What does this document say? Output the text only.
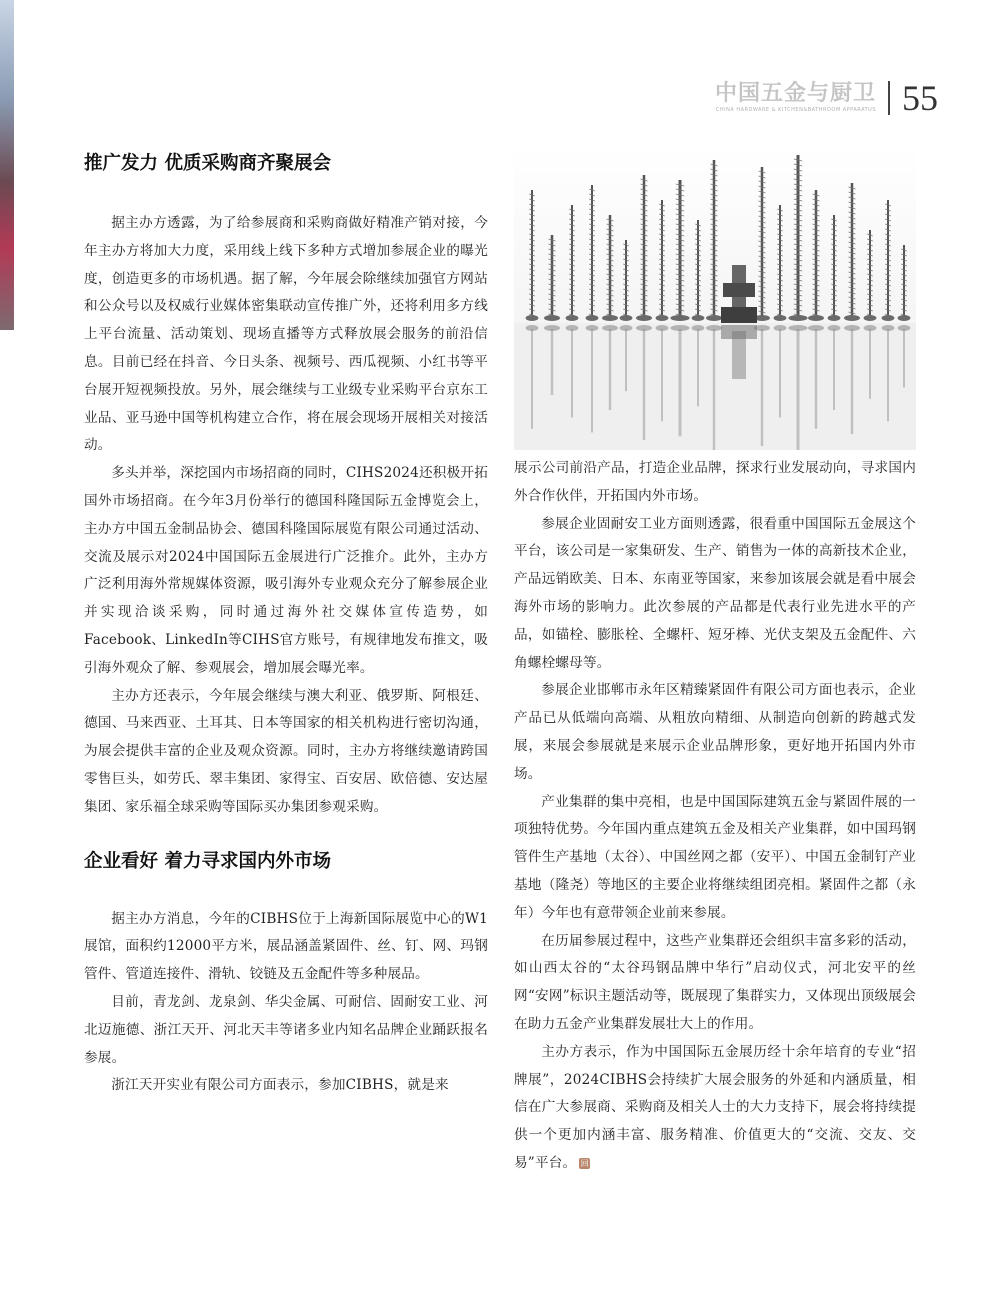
中国五金与厨卫
CHINA HARDWARE & KITCHEN&BATHROOM APPARATUS 55
推广发力 优质采购商齐聚展会

据主办方透露，为了给参展商和采购商做好精准产销对接，今年主办方将加大力度，采用线上线下多种方式增加参展企业的曝光度，创造更多的市场机遇。据了解，今年展会除继续加强官方网站和公众号以及权威行业媒体密集联动宣传推广外，还将利用多方线上平台流量、活动策划、现场直播等方式释放展会服务的前沿信息。目前已经在抖音、今日头条、视频号、西瓜视频、小红书等平台展开短视频投放。另外，展会继续与工业级专业采购平台京东工业品、亚马逊中国等机构建立合作，将在展会现场开展相关对接活动。

多头并举，深挖国内市场招商的同时，CIHS2024还积极开拓国外市场招商。在今年3月份举行的德国科隆国际五金博览会上，主办方中国五金制品协会、德国科隆国际展览有限公司通过活动、交流及展示对2024中国国际五金展进行广泛推介。此外，主办方广泛利用海外常规媒体资源，吸引海外专业观众充分了解参展企业并实现洽谈采购，同时通过海外社交媒体宣传造势，如Facebook、LinkedIn等CIHS官方账号，有规律地发布推文，吸引海外观众了解、参观展会，增加展会曝光率。

主办方还表示，今年展会继续与澳大利亚、俄罗斯、阿根廷、德国、马来西亚、土耳其、日本等国家的相关机构进行密切沟通，为展会提供丰富的企业及观众资源。同时，主办方将继续邀请跨国零售巨头，如劳氏、翠丰集团、家得宝、百安居、欧倍德、安达屋集团、家乐福全球采购等国际买办集团参观采购。

企业看好 着力寻求国内外市场

据主办方消息，今年的CIBHS位于上海新国际展览中心的W1展馆，面积约12000平方米，展品涵盖紧固件、丝、钉、网、玛钢管件、管道连接件、滑轨、铰链及五金配件等多种展品。

目前，青龙剑、龙泉剑、华尖金属、可耐信、固耐安工业、河北迈施德、浙江天开、河北天丰等诸多业内知名品牌企业踊跃报名参展。

浙江天开实业有限公司方面表示，参加CIBHS，就是来

展示公司前沿产品，打造企业品牌，探求行业发展动向，寻求国内外合作伙伴，开拓国内外市场。

参展企业固耐安工业方面则透露，很看重中国国际五金展这个平台，该公司是一家集研发、生产、销售为一体的高新技术企业，产品远销欧美、日本、东南亚等国家，来参加该展会就是看中展会海外市场的影响力。此次参展的产品都是代表行业先进水平的产品，如锚栓、膨胀栓、全螺杆、短牙棒、光伏支架及五金配件、六角螺栓螺母等。

参展企业邯郸市永年区精臻紧固件有限公司方面也表示，企业产品已从低端向高端、从粗放向精细、从制造向创新的跨越式发展，来展会参展就是来展示企业品牌形象，更好地开拓国内外市场。

产业集群的集中亮相，也是中国国际建筑五金与紧固件展的一项独特优势。今年国内重点建筑五金及相关产业集群，如中国玛钢管件生产基地（太谷）、中国丝网之都（安平）、中国五金制钉产业基地（隆尧）等地区的主要企业将继续组团亮相。紧固件之都（永年）今年也有意带领企业前来参展。

在历届参展过程中，这些产业集群还会组织丰富多彩的活动，如山西太谷的“太谷玛钢品牌中华行”启动仪式，河北安平的丝网“安网”标识主题活动等，既展现了集群实力，又体现出顶级展会在助力五金产业集群发展壮大上的作用。

主办方表示，作为中国国际五金展历经十余年培育的专业“招牌展”，2024CIBHS会持续扩大展会服务的外延和内涵质量，相信在广大参展商、采购商及相关人士的大力支持下，展会将持续提供一个更加内涵丰富、服务精准、价值更大的“交流、交友、交易”平台。 回
